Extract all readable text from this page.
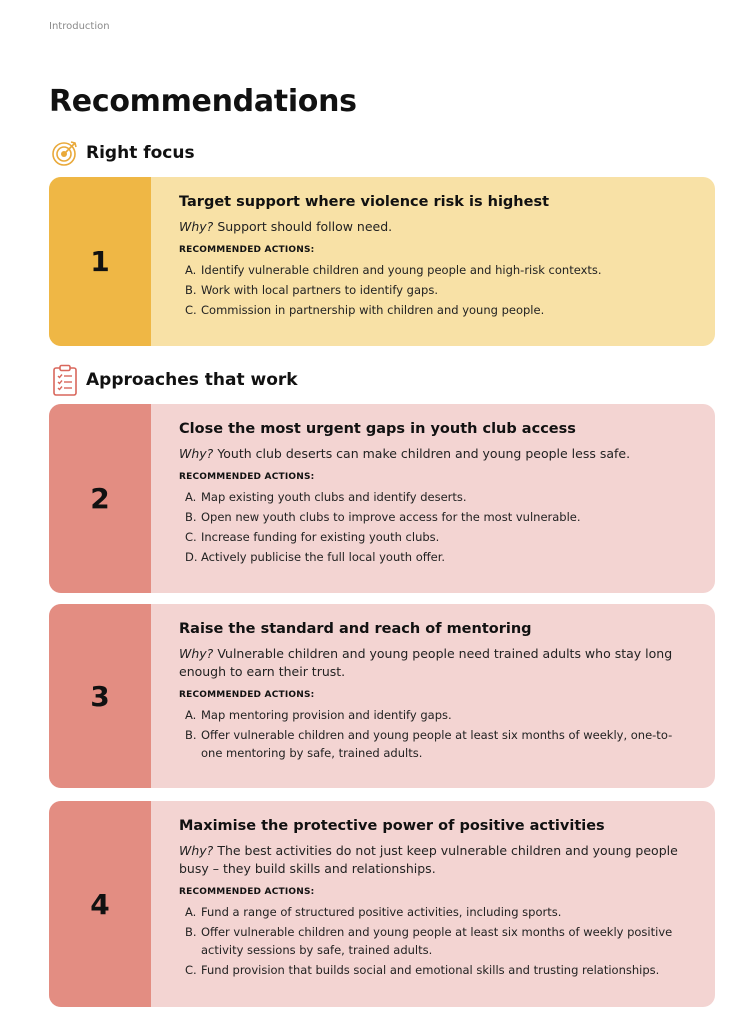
Introduction
Recommendations
Right focus
1
Target support where violence risk is highest
Why? Support should follow need.
RECOMMENDED ACTIONS:
A. Identify vulnerable children and young people and high-risk contexts.
B. Work with local partners to identify gaps.
C. Commission in partnership with children and young people.
Approaches that work
2
Close the most urgent gaps in youth club access
Why? Youth club deserts can make children and young people less safe.
RECOMMENDED ACTIONS:
A. Map existing youth clubs and identify deserts.
B. Open new youth clubs to improve access for the most vulnerable.
C. Increase funding for existing youth clubs.
D. Actively publicise the full local youth offer.
3
Raise the standard and reach of mentoring
Why? Vulnerable children and young people need trained adults who stay long enough to earn their trust.
RECOMMENDED ACTIONS:
A. Map mentoring provision and identify gaps.
B. Offer vulnerable children and young people at least six months of weekly, one-to-one mentoring by safe, trained adults.
4
Maximise the protective power of positive activities
Why? The best activities do not just keep vulnerable children and young people busy – they build skills and relationships.
RECOMMENDED ACTIONS:
A. Fund a range of structured positive activities, including sports.
B. Offer vulnerable children and young people at least six months of weekly positive activity sessions by safe, trained adults.
C. Fund provision that builds social and emotional skills and trusting relationships.
